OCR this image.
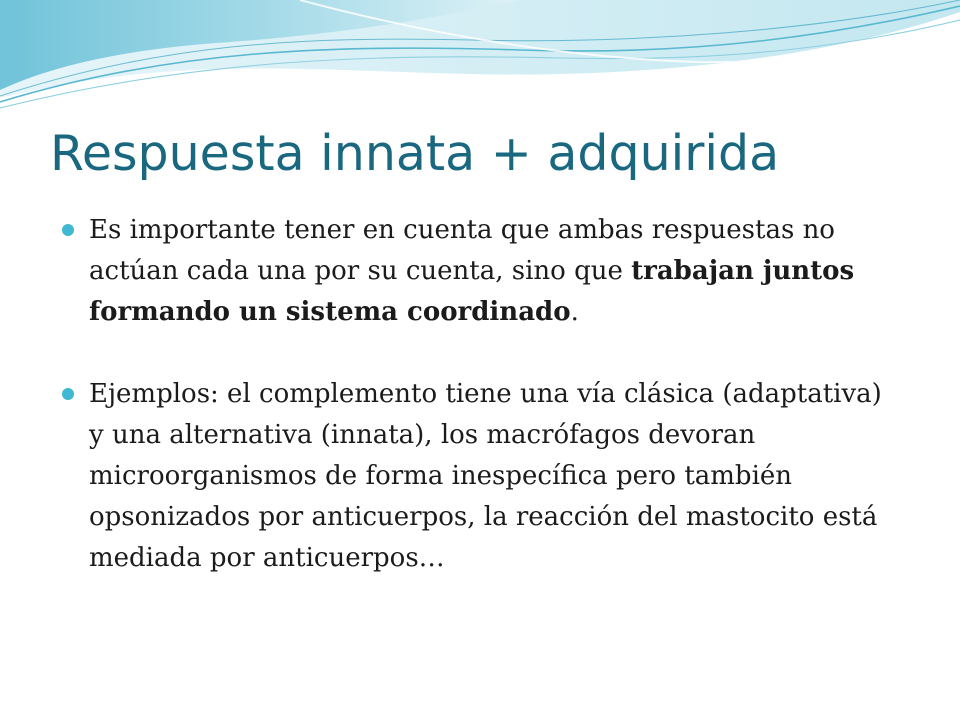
Respuesta innata + adquirida
Es importante tener en cuenta que ambas respuestas no actúan cada una por su cuenta, sino que trabajan juntos formando un sistema coordinado.
Ejemplos: el complemento tiene una vía clásica (adaptativa) y una alternativa (innata), los macrófagos devoran microorganismos de forma inespecífica pero también opsonizados por anticuerpos, la reacción del mastocito está mediada por anticuerpos…
